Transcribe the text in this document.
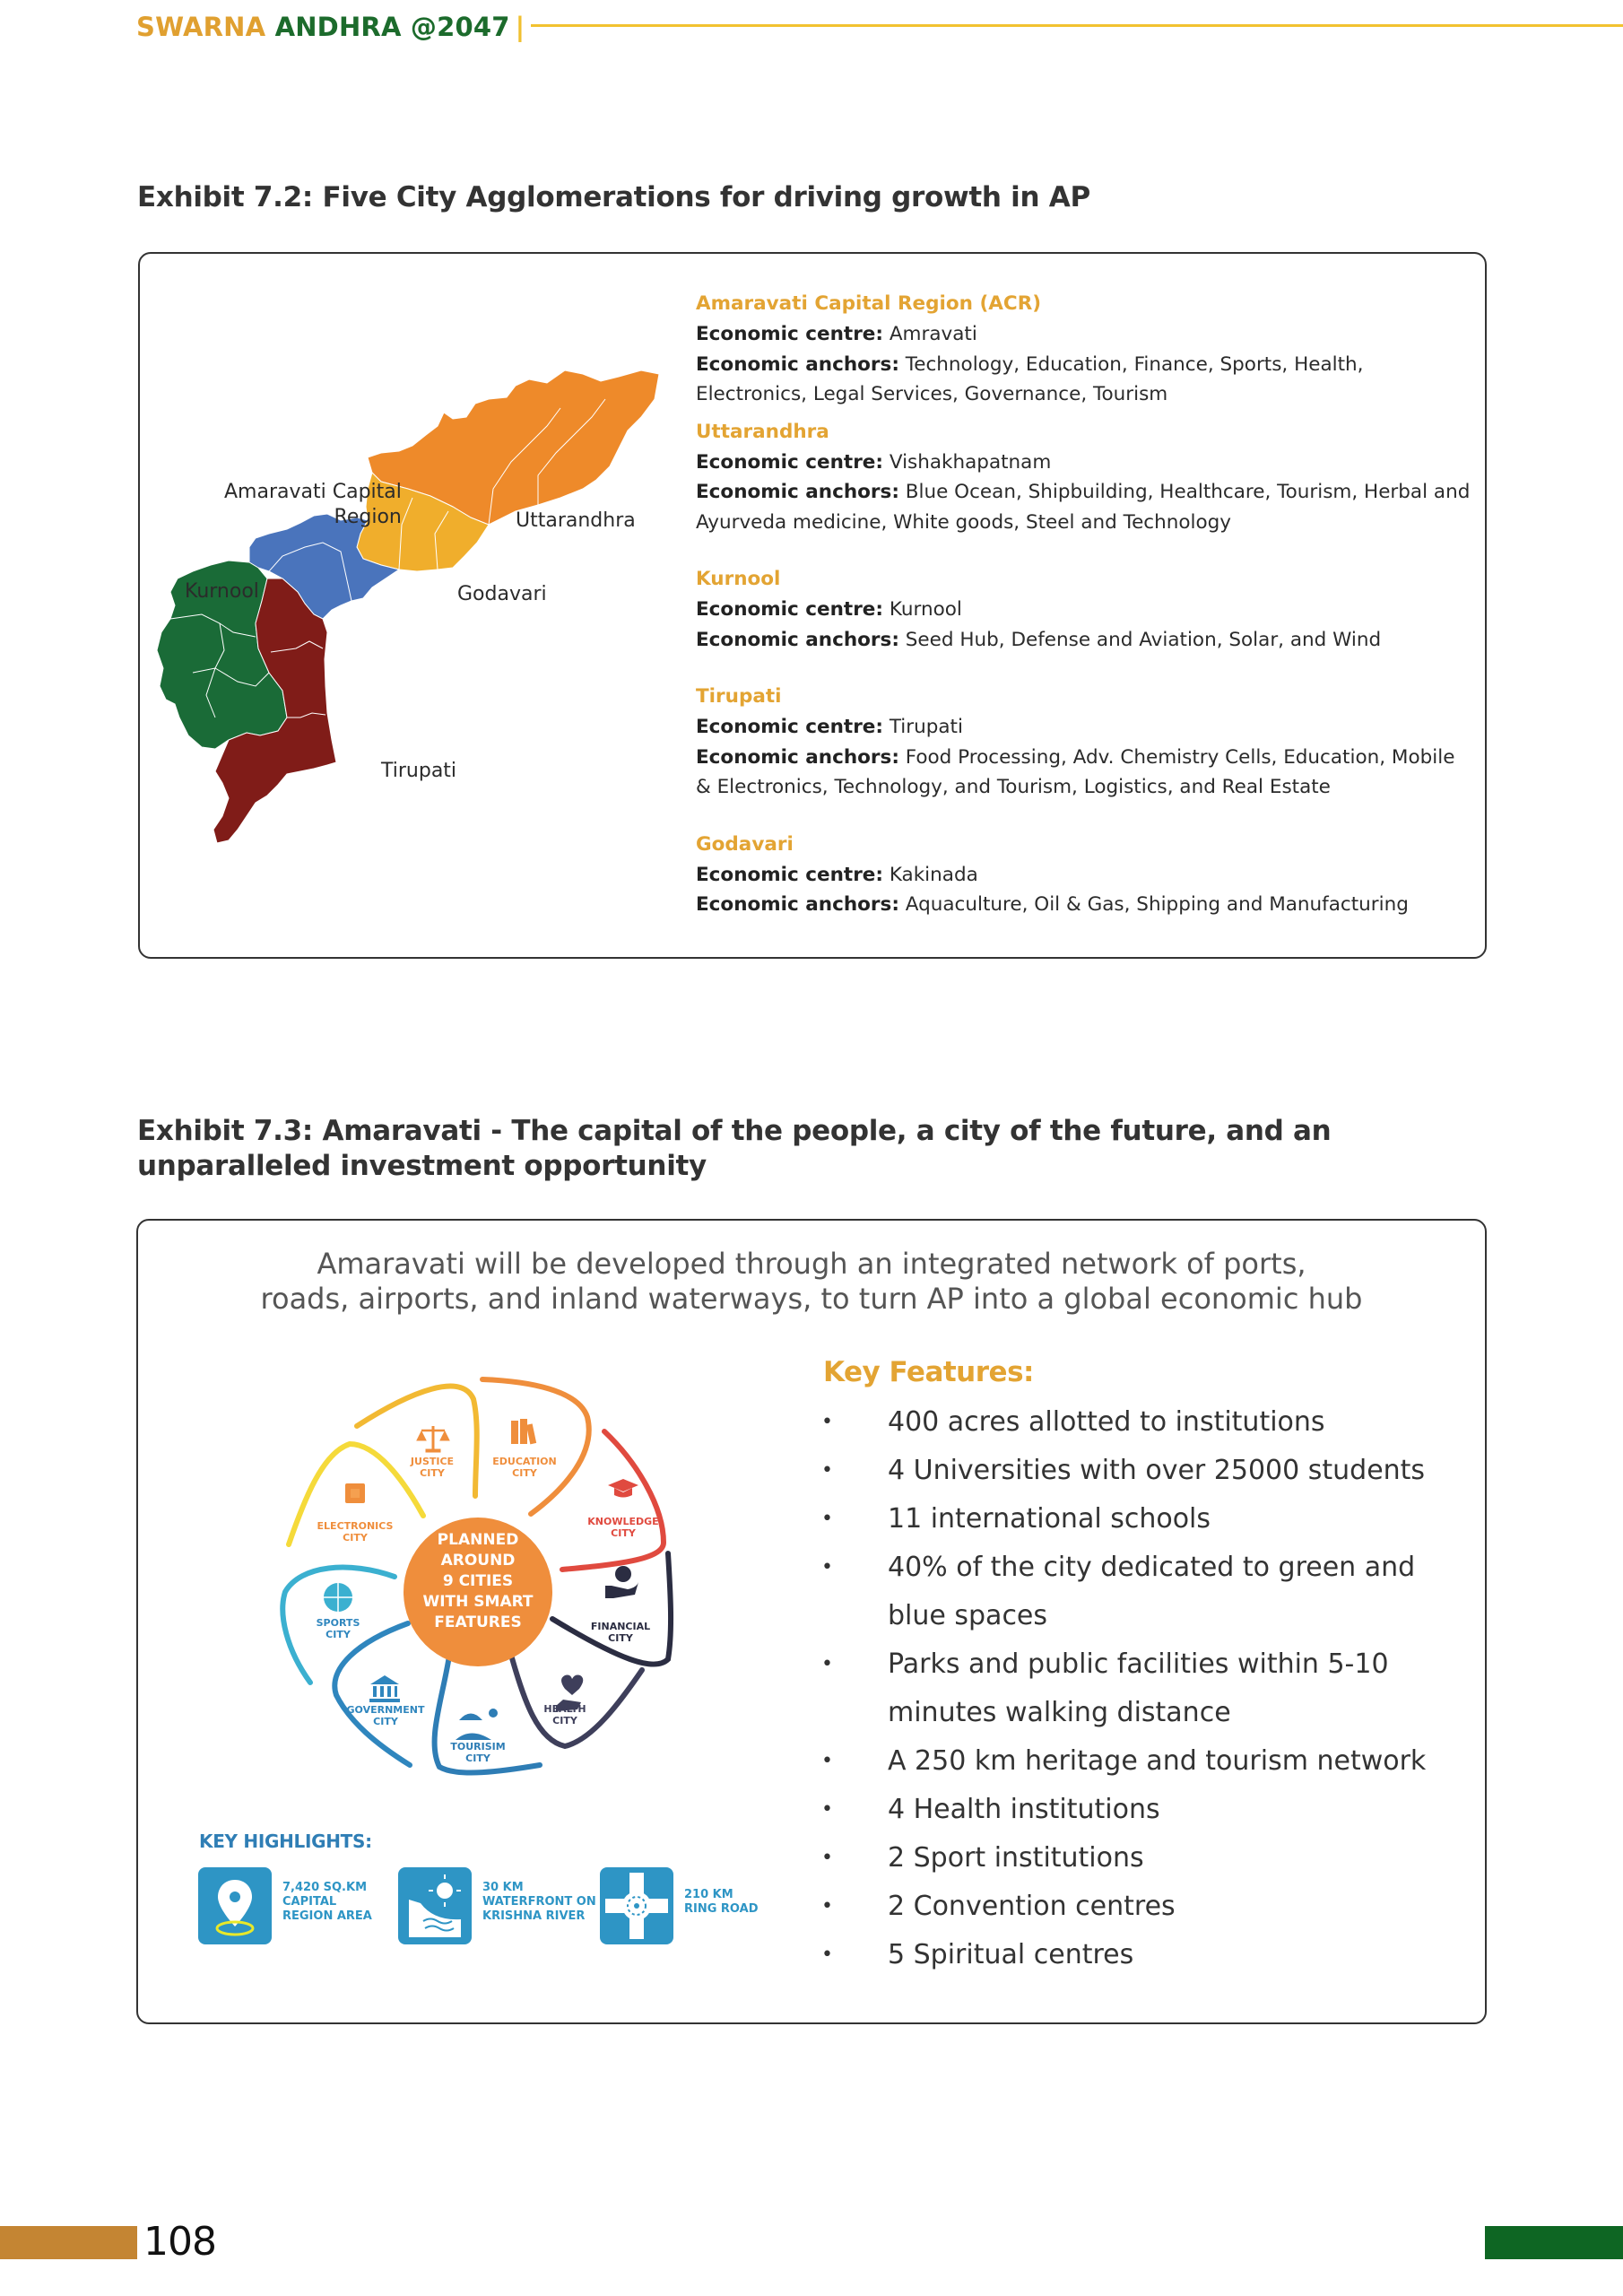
SWARNA ANDHRA @2047 |
Exhibit 7.2: Five City Agglomerations for driving growth in AP
Amaravati Capital
Region	Uttarandhra
Kurnool	Godavari
Tirupati
Amaravati Capital Region (ACR)
Economic centre: Amravati
Economic anchors: Technology, Education, Finance, Sports, Health, Electronics, Legal Services, Governance, Tourism
Uttarandhra
Economic centre: Vishakhapatnam
Economic anchors: Blue Ocean, Shipbuilding, Healthcare, Tourism, Herbal and Ayurveda medicine, White goods, Steel and Technology
Kurnool
Economic centre: Kurnool
Economic anchors: Seed Hub, Defense and Aviation, Solar, and Wind
Tirupati
Economic centre: Tirupati
Economic anchors: Food Processing, Adv. Chemistry Cells, Education, Mobile & Electronics, Technology, and Tourism, Logistics, and Real Estate
Godavari
Economic centre: Kakinada
Economic anchors: Aquaculture, Oil & Gas, Shipping and Manufacturing
Exhibit 7.3: Amaravati - The capital of the people, a city of the future, and an unparalleled investment opportunity
Amaravati will be developed through an integrated network of ports,
roads, airports, and inland waterways, to turn AP into a global economic hub
PLANNED
AROUND
9 CITIES
WITH SMART
FEATURES
JUSTICE
CITY
EDUCATION
CITY
KNOWLEDGE
CITY
FINANCIAL
CITY
HEALTH
CITY
TOURISIM
CITY
GOVERNMENT
CITY
SPORTS
CITY
ELECTRONICS
CITY
KEY HIGHLIGHTS:
7,420 SQ.KM
CAPITAL
REGION AREA
30 KM
WATERFRONT ON
KRISHNA RIVER
210 KM
RING ROAD
Key Features:
• 400 acres allotted to institutions
• 4 Universities with over 25000 students
• 11 international schools
• 40% of the city dedicated to green and blue spaces
• Parks and public facilities within 5-10 minutes walking distance
• A 250 km heritage and tourism network
• 4 Health institutions
• 2 Sport institutions
• 2 Convention centres
• 5 Spiritual centres
108
